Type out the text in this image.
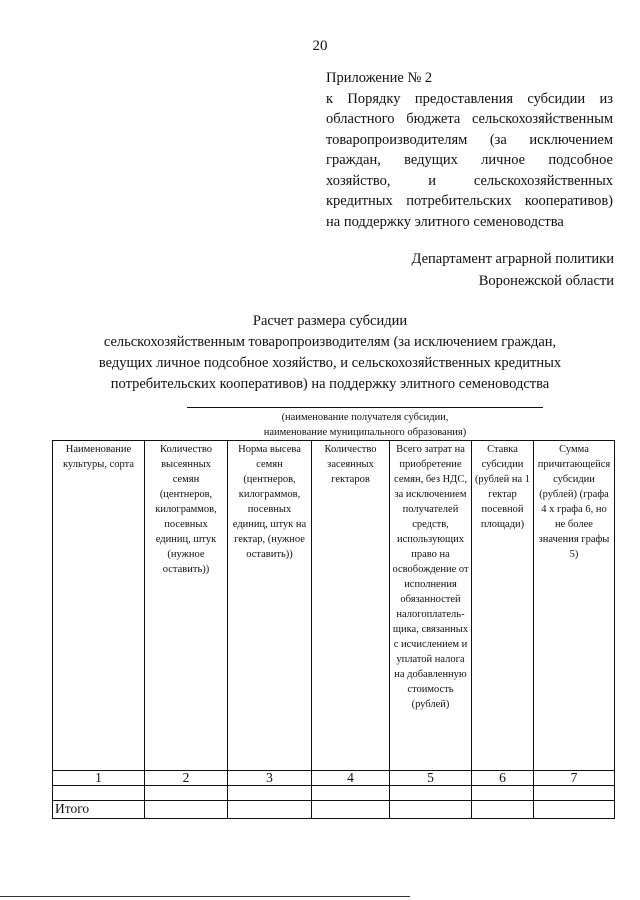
20
Приложение № 2
к Порядку предоставления субсидии из
областного бюджета сельскохозяйственным
товаропроизводителям (за исключением
граждан, ведущих личное подсобное
хозяйство, и сельскохозяйственных
кредитных потребительских кооперативов)
на поддержку элитного семеноводства
Департамент аграрной политики
Воронежской области
Расчет размера субсидии
сельскохозяйственным товаропроизводителям (за исключением граждан,
ведущих личное подсобное хозяйство, и сельскохозяйственных кредитных
потребительских кооперативов) на поддержку элитного семеноводства
(наименование получателя субсидии,
наименование муниципального образования)
Наименование культуры, сорта	Количество высеянных семян (центнеров, килограммов, посевных единиц, штук (нужное оставить))	Норма высева семян (центнеров, килограммов, посевных единиц, штук на гектар, (нужное оставить))	Количество засеянных гектаров	Всего затрат на приобретение семян, без НДС, за исключением получателей средств, использующих право на освобождение от исполнения обязанностей налогоплатель-щика, связанных с исчислением и уплатой налога на добавленную стоимость (рублей)	Ставка субсидии (рублей на 1 гектар посевной площади)	Сумма причитающейся субсидии (рублей) (графа 4 х графа 6, но не более значения графы 5)
1	2	3	4	5	6	7

Итого						
